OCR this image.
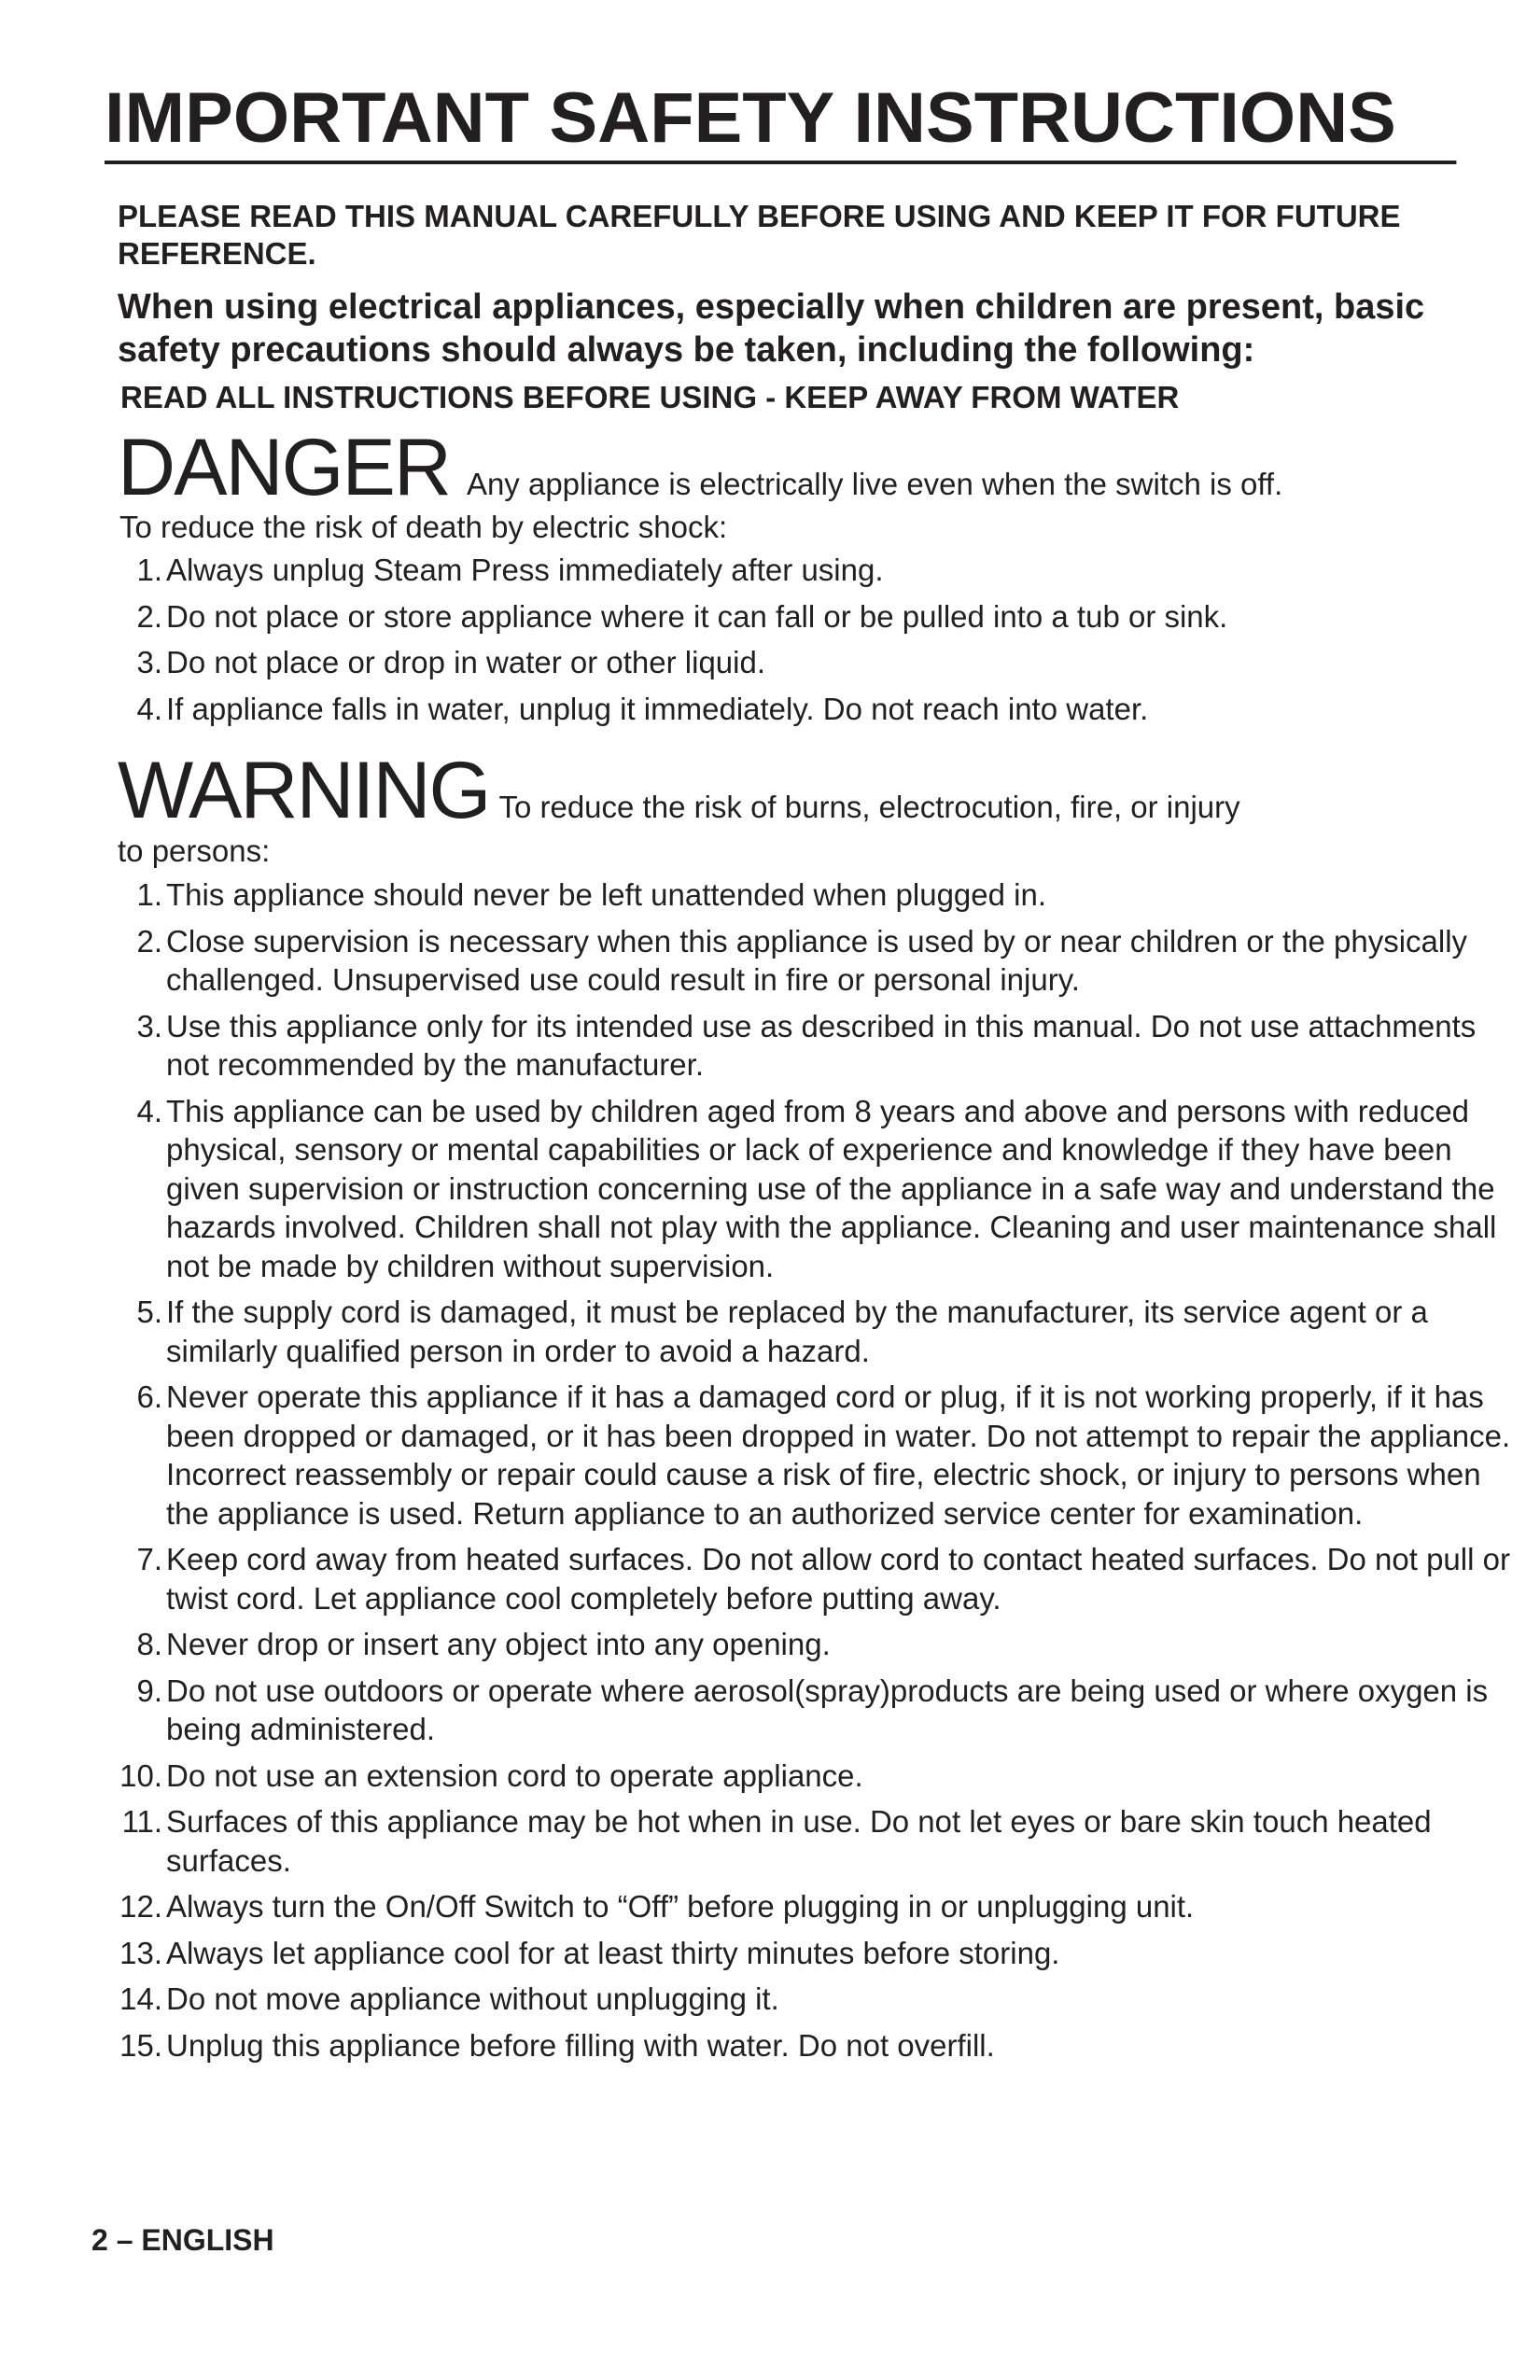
IMPORTANT SAFETY INSTRUCTIONS
PLEASE READ THIS MANUAL CAREFULLY BEFORE USING AND KEEP IT FOR FUTURE REFERENCE.
When using electrical appliances, especially when children are present, basic safety precautions should always be taken, including the following:
READ ALL INSTRUCTIONS BEFORE USING - KEEP AWAY FROM WATER
DANGER Any appliance is electrically live even when the switch is off.
To reduce the risk of death by electric shock:
1. Always unplug Steam Press immediately after using.
2. Do not place or store appliance where it can fall or be pulled into a tub or sink.
3. Do not place or drop in water or other liquid.
4. If appliance falls in water, unplug it immediately. Do not reach into water.
WARNING To reduce the risk of burns, electrocution, fire, or injury
to persons:
1. This appliance should never be left unattended when plugged in.
2. Close supervision is necessary when this appliance is used by or near children or the physically challenged. Unsupervised use could result in fire or personal injury.
3. Use this appliance only for its intended use as described in this manual. Do not use attachments not recommended by the manufacturer.
4. This appliance can be used by children aged from 8 years and above and persons with reduced physical, sensory or mental capabilities or lack of experience and knowledge if they have been given supervision or instruction concerning use of the appliance in a safe way and understand the hazards involved. Children shall not play with the appliance. Cleaning and user maintenance shall not be made by children without supervision.
5. If the supply cord is damaged, it must be replaced by the manufacturer, its service agent or a similarly qualified person in order to avoid a hazard.
6. Never operate this appliance if it has a damaged cord or plug, if it is not working properly, if it has been dropped or damaged, or it has been dropped in water. Do not attempt to repair the appliance. Incorrect reassembly or repair could cause a risk of fire, electric shock, or injury to persons when the appliance is used. Return appliance to an authorized service center for examination.
7. Keep cord away from heated surfaces. Do not allow cord to contact heated surfaces. Do not pull or twist cord. Let appliance cool completely before putting away.
8. Never drop or insert any object into any opening.
9. Do not use outdoors or operate where aerosol(spray)products are being used or where oxygen is being administered.
10. Do not use an extension cord to operate appliance.
11. Surfaces of this appliance may be hot when in use. Do not let eyes or bare skin touch heated surfaces.
12. Always turn the On/Off Switch to “Off” before plugging in or unplugging unit.
13. Always let appliance cool for at least thirty minutes before storing.
14. Do not move appliance without unplugging it.
15. Unplug this appliance before filling with water. Do not overfill.
2 – ENGLISH
